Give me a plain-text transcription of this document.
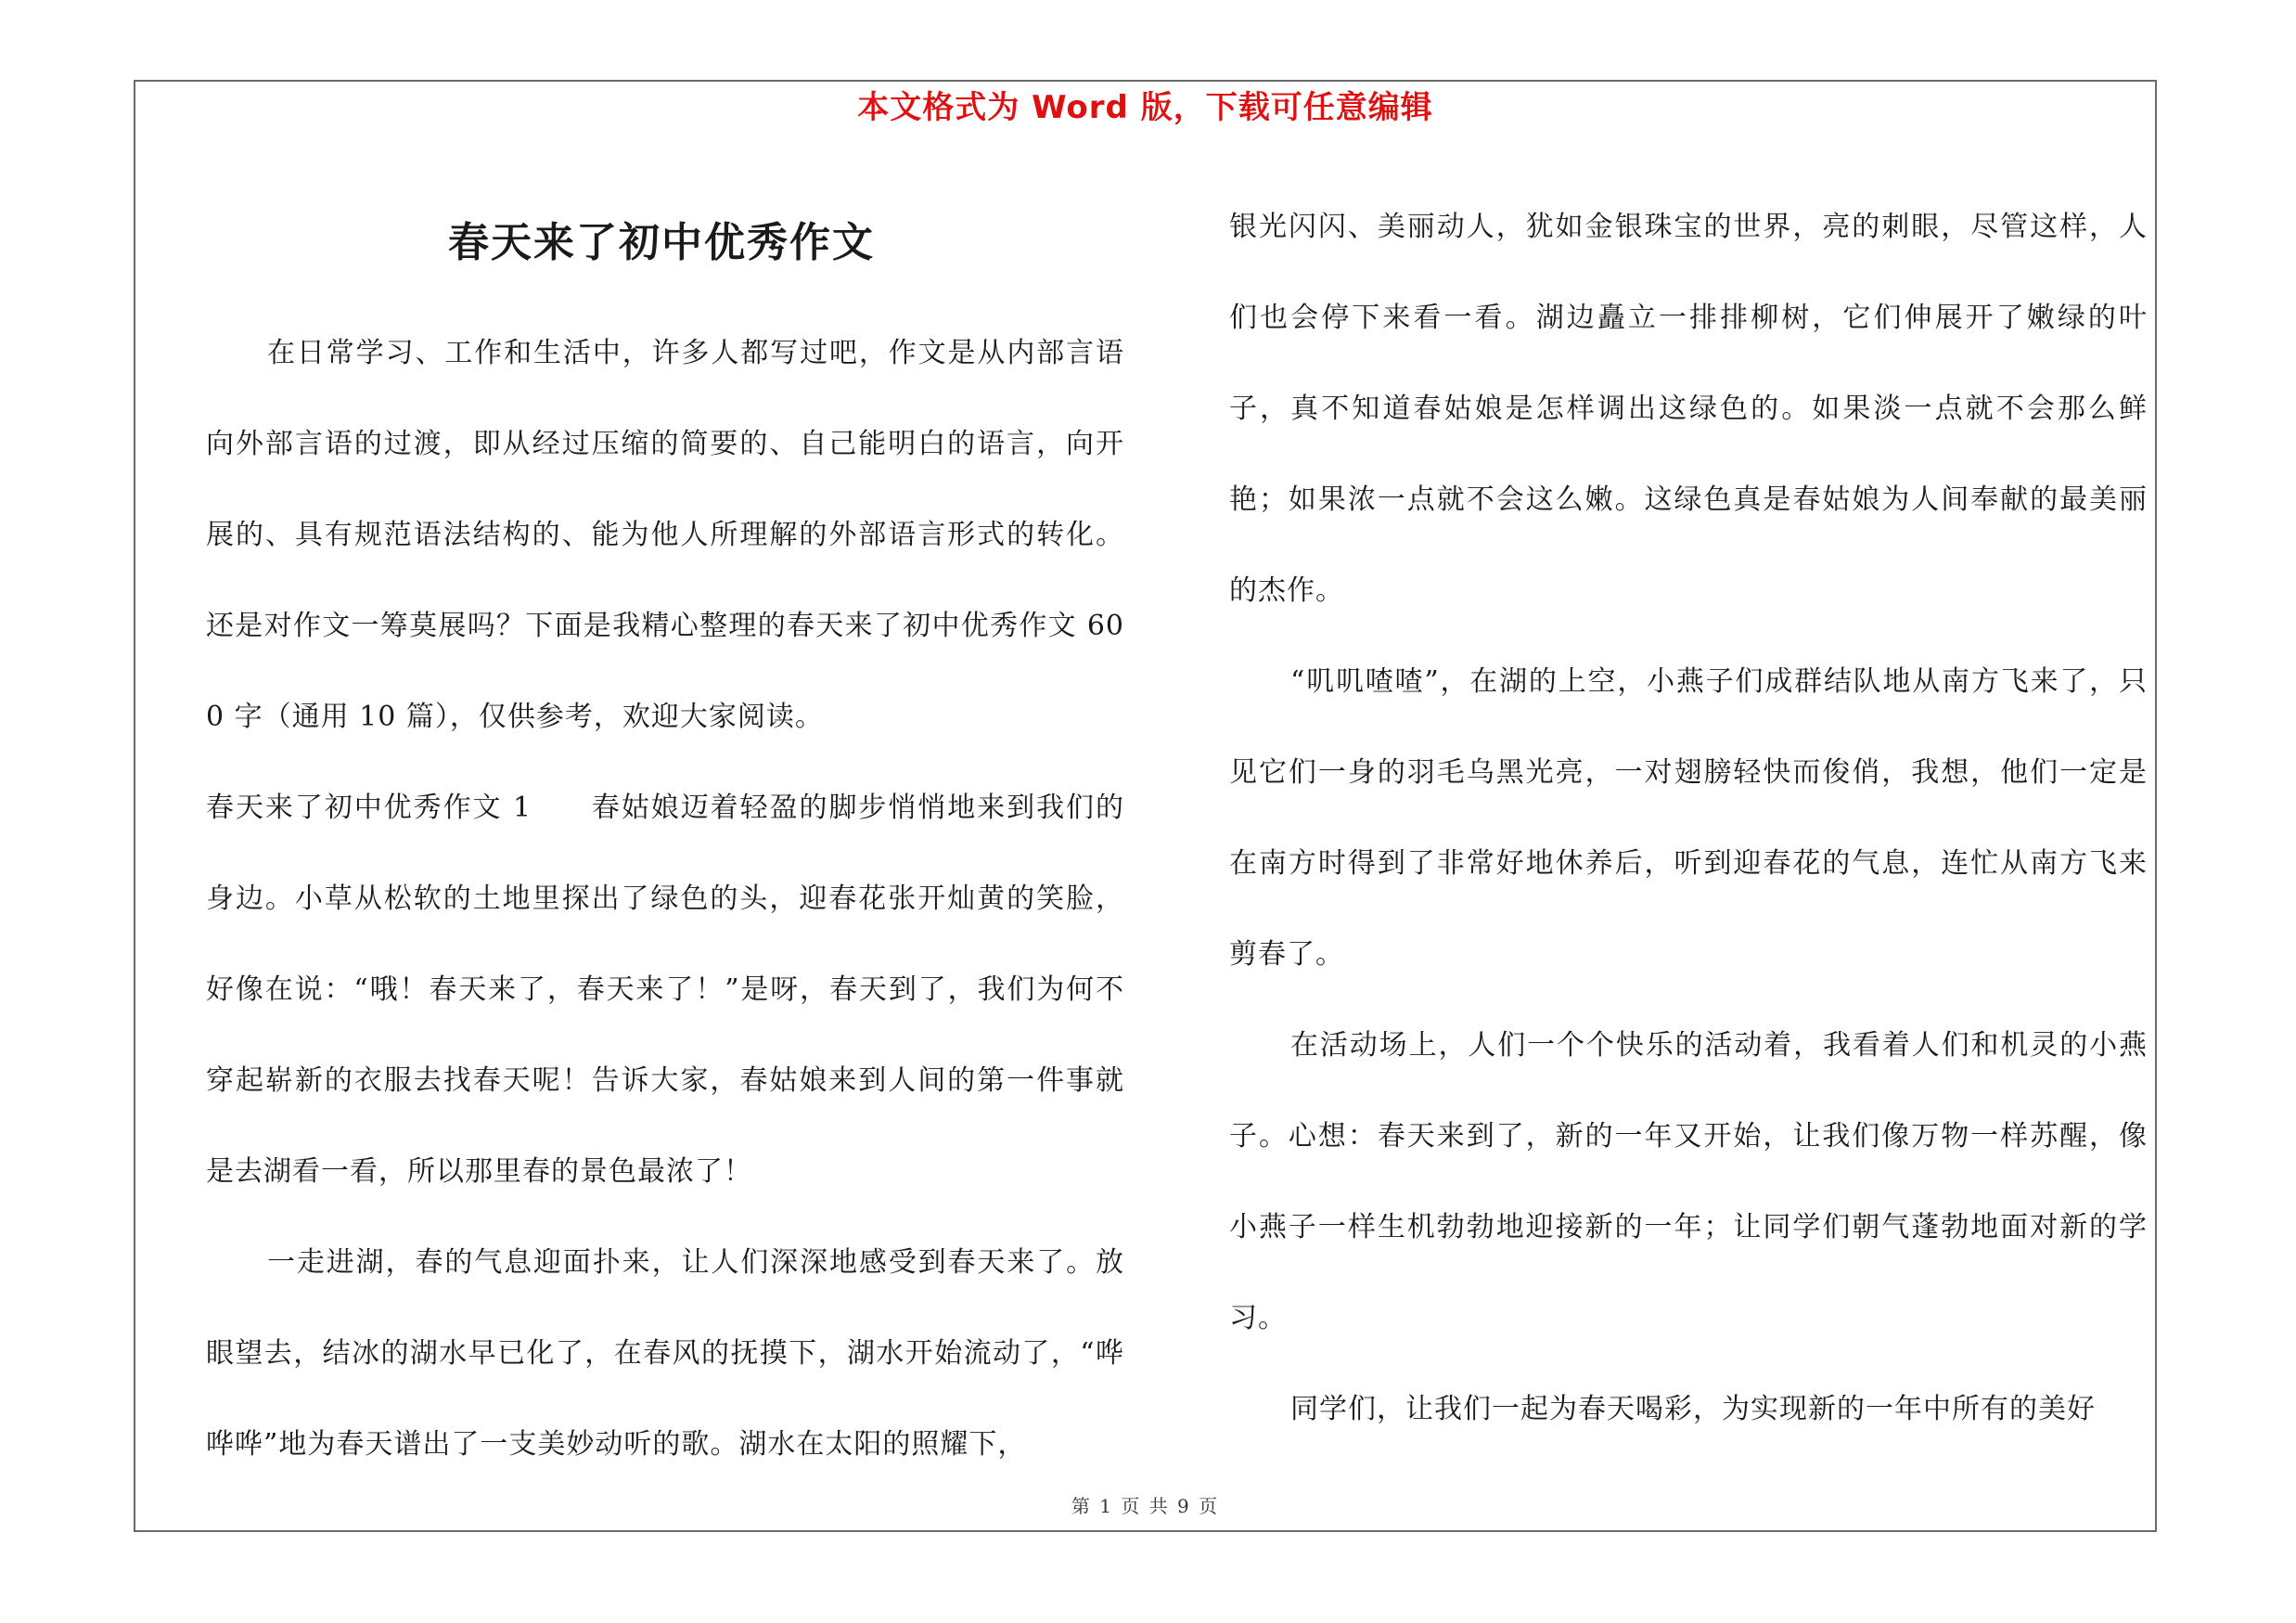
本文格式为 Word 版，下载可任意编辑
春天来了初中优秀作文

在日常学习、工作和生活中，许多人都写过吧，作文是从内部言语向外部言语的过渡，即从经过压缩的简要的、自己能明白的语言，向开展的、具有规范语法结构的、能为他人所理解的外部语言形式的转化。还是对作文一筹莫展吗？下面是我精心整理的春天来了初中优秀作文 600 字（通用 10 篇），仅供参考，欢迎大家阅读。

春天来了初中优秀作文 1　　春姑娘迈着轻盈的脚步悄悄地来到我们的身边。小草从松软的土地里探出了绿色的头，迎春花张开灿黄的笑脸，好像在说：“哦！春天来了，春天来了！”是呀，春天到了，我们为何不穿起崭新的衣服去找春天呢！告诉大家，春姑娘来到人间的第一件事就是去湖看一看，所以那里春的景色最浓了！

一走进湖，春的气息迎面扑来，让人们深深地感受到春天来了。放眼望去，结冰的湖水早已化了，在春风的抚摸下，湖水开始流动了，“哗哗哗”地为春天谱出了一支美妙动听的歌。湖水在太阳的照耀下，

银光闪闪、美丽动人，犹如金银珠宝的世界，亮的刺眼，尽管这样，人们也会停下来看一看。湖边矗立一排排柳树，它们伸展开了嫩绿的叶子，真不知道春姑娘是怎样调出这绿色的。如果淡一点就不会那么鲜艳；如果浓一点就不会这么嫩。这绿色真是春姑娘为人间奉献的最美丽的杰作。

“叽叽喳喳”，在湖的上空，小燕子们成群结队地从南方飞来了，只见它们一身的羽毛乌黑光亮，一对翅膀轻快而俊俏，我想，他们一定是在南方时得到了非常好地休养后，听到迎春花的气息，连忙从南方飞来剪春了。

在活动场上，人们一个个快乐的活动着，我看着人们和机灵的小燕子。心想：春天来到了，新的一年又开始，让我们像万物一样苏醒，像小燕子一样生机勃勃地迎接新的一年；让同学们朝气蓬勃地面对新的学习。

同学们，让我们一起为春天喝彩，为实现新的一年中所有的美好

第 1 页 共 9 页
